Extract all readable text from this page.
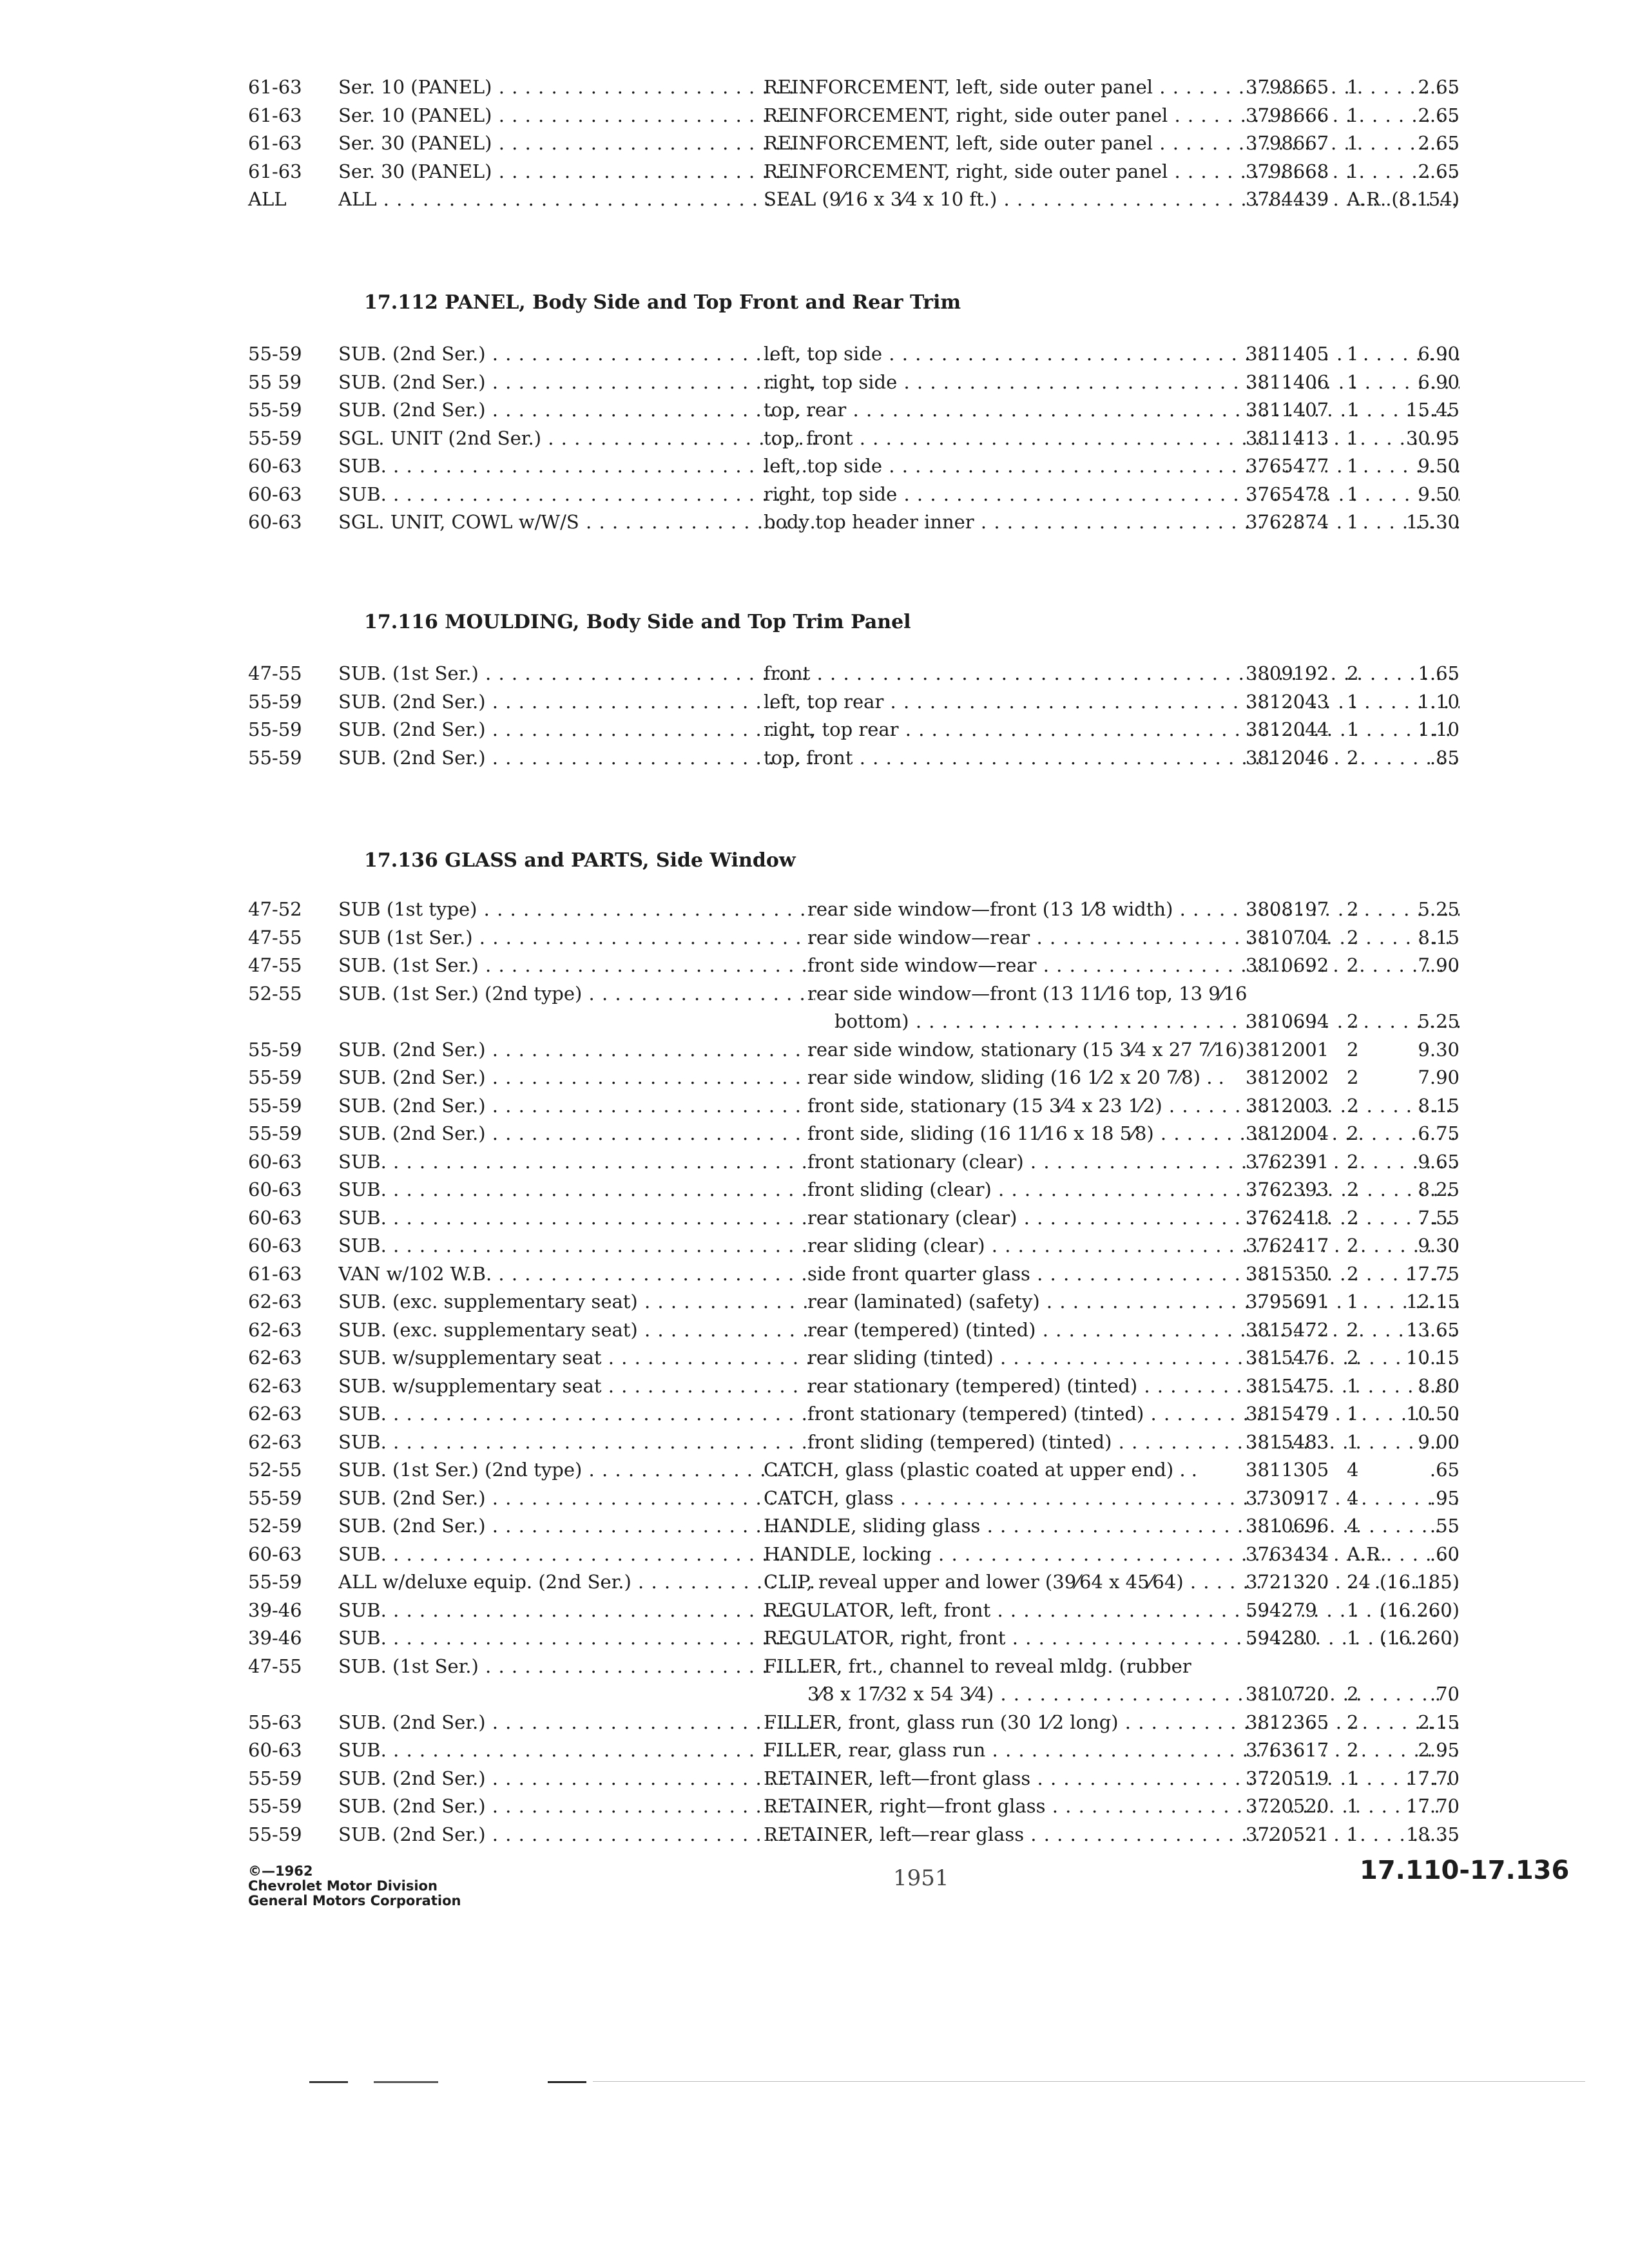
61-63 Ser. 10 (PANEL) . . .	REINFORCEMENT, left, side outer panel . . .	3798665 1	2.65
61-63 Ser. 10 (PANEL) . . .	REINFORCEMENT, right, side outer panel . . .	3798666 1	2.65
61-63 Ser. 30 (PANEL) . . .	REINFORCEMENT, left, side outer panel . . .	3798667 1	2.65
61-63 Ser. 30 (PANEL) . . .	REINFORCEMENT, right, side outer panel . . .	3798668 1	2.65
ALL	ALL . . .	SEAL (9⁄16 x 3⁄4 x 10 ft.) . . .	3784439 A.R. (8.154)
17.112 PANEL, Body Side and Top Front and Rear Trim
55-59 SUB. (2nd Ser.) . . .	left, top side . . .	3811405 1	6.90
55 59 SUB. (2nd Ser.) . . .	right, top side . . .	3811406 1	6.90
55-59 SUB. (2nd Ser.) . . .	top, rear . . .	3811407 1	15.45
55-59 SGL. UNIT (2nd Ser.) . . .	top, front . . .	3811413 1	30.95
60-63 SUB. . . .	left, top side . . .	3765477 1	9.50
60-63 SUB. . . .	right, top side . . .	3765478 1	9.50
60-63 SGL. UNIT, COWL w/W/S . . .	body top header inner . . .	3762874 1	15.30
17.116 MOULDING, Body Side and Top Trim Panel
47-55 SUB. (1st Ser.) . . .	front . . .	3809192 2	1.65
55-59 SUB. (2nd Ser.) . . .	left, top rear . . .	3812043 1	1.10
55-59 SUB. (2nd Ser.) . . .	right, top rear . . .	3812044 1	1.10
55-59 SUB. (2nd Ser.) . . .	top, front . . .	3812046 2	.85
17.136 GLASS and PARTS, Side Window
47-52 SUB (1st type) . . .	rear side window—front (13 1⁄8 width) . . .	3808197 2	5.25
47-55 SUB (1st Ser.) . . .	rear side window—rear . . .	3810704 2	8.15
47-55 SUB. (1st Ser.) . . .	front side window—rear . . .	3810692 2	7.90
52-55 SUB. (1st Ser.) (2nd type) . . .	rear side window—front (13 11⁄16 top, 13 9⁄16
bottom) . . .	3810694 2	5.25
55-59 SUB. (2nd Ser.) . . .	rear side window, stationary (15 3⁄4 x 27 7⁄16) 3812001 2	9.30
55-59 SUB. (2nd Ser.) . . .	rear side window, sliding (16 1⁄2 x 20 7⁄8) . .	3812002 2	7.90
55-59 SUB. (2nd Ser.) . . .	front side, stationary (15 3⁄4 x 23 1⁄2) . . .	3812003 2	8.15
55-59 SUB. (2nd Ser.) . . .	front side, sliding (16 11⁄16 x 18 5⁄8) . . .	3812004 2	6.75
60-63 SUB. . . .	front stationary (clear) . . .	3762391 2	9.65
60-63 SUB. . . .	front sliding (clear) . . .	3762393 2	8.25
60-63 SUB. . . .	rear stationary (clear) . . .	3762418 2	7.55
60-63 SUB. . . .	rear sliding (clear) . . .	3762417 2	9.30
61-63 VAN w/102 W.B. . . .	side front quarter glass . . .	3815350 2	17.75
62-63 SUB. (exc. supplementary seat) . . .	rear (laminated) (safety) . . .	3795691 1	12.15
62-63 SUB. (exc. supplementary seat) . . .	rear (tempered) (tinted) . . .	3815472 2	13.65
62-63 SUB. w/supplementary seat . . .	rear sliding (tinted) . . .	3815476 2	10.15
62-63 SUB. w/supplementary seat . . .	rear stationary (tempered) (tinted) . . .	3815475 1	8.80
62-63 SUB. . . .	front stationary (tempered) (tinted) . . .	3815479 1	10.50
62-63 SUB. . . .	front sliding (tempered) (tinted) . . .	3815483 1	9.00
52-55 SUB. (1st Ser.) (2nd type) . . .	CATCH, glass (plastic coated at upper end) . .	3811305 4	.65
55-59 SUB. (2nd Ser.) . . .	CATCH, glass . . .	3730917 4	.95
52-59 SUB. (2nd Ser.) . . .	HANDLE, sliding glass . . .	3810696 4	.55
60-63 SUB. . . .	HANDLE, locking . . .	3763434 A.R. .60
55-59 ALL w/deluxe equip. (2nd Ser.) . . .	CLIP, reveal upper and lower (39⁄64 x 45⁄64) . . .	3721320 24 (16.185)
39-46 SUB. . . .	REGULATOR, left, front . . .	594279 1 (16.260)
39-46 SUB. . . .	REGULATOR, right, front . . .	594280 1 (16.260)
47-55 SUB. (1st Ser.) . . .	FILLER, frt., channel to reveal mldg. (rubber
3⁄8 x 17⁄32 x 54 3⁄4) . . .	3810720 2	.70
55-63 SUB. (2nd Ser.) . . .	FILLER, front, glass run (30 1⁄2 long) . . .	3812365 2	2.15
60-63 SUB. . . .	FILLER, rear, glass run . . .	3763617 2	2.95
55-59 SUB. (2nd Ser.) . . .	RETAINER, left—front glass . . .	3720519 1	17.70
55-59 SUB. (2nd Ser.) . . .	RETAINER, right—front glass . . .	3720520 1	17.70
55-59 SUB. (2nd Ser.) . . .	RETAINER, left—rear glass . . .	3720521 1	18.35
©—1962
Chevrolet Motor Division
General Motors Corporation
1951	17.110-17.136
